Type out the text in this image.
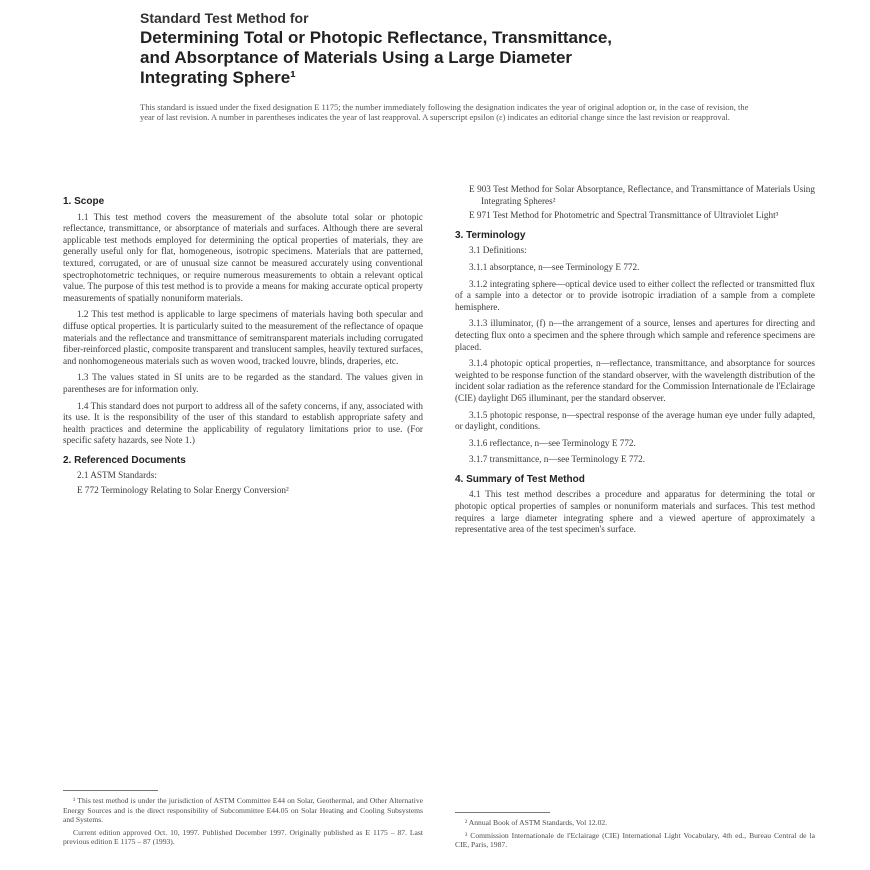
Standard Test Method for
Determining Total or Photopic Reflectance, Transmittance,
and Absorptance of Materials Using a Large Diameter
Integrating Sphere¹
This standard is issued under the fixed designation E 1175; the number immediately following the designation indicates the year of original adoption or, in the case of revision, the year of last revision. A number in parentheses indicates the year of last reapproval. A superscript epsilon (ε) indicates an editorial change since the last revision or reapproval.
1. Scope

1.1 This test method covers the measurement of the absolute total solar or photopic reflectance, transmittance, or absorptance of materials and surfaces. Although there are several applicable test methods employed for determining the optical properties of materials, they are generally useful only for flat, homogeneous, isotropic specimens. Materials that are patterned, textured, corrugated, or are of unusual size cannot be measured accurately using conventional spectrophotometric techniques, or require numerous measurements to obtain a relevant optical value. The purpose of this test method is to provide a means for making accurate optical property measurements of spatially nonuniform materials.

1.2 This test method is applicable to large specimens of materials having both specular and diffuse optical properties. It is particularly suited to the measurement of the reflectance of opaque materials and the reflectance and transmittance of semitransparent materials including corrugated fiber-reinforced plastic, composite transparent and translucent samples, heavily textured surfaces, and nonhomogeneous materials such as woven wood, tracked louvre, blinds, draperies, etc.

1.3 The values stated in SI units are to be regarded as the standard. The values given in parentheses are for information only.

1.4 This standard does not purport to address all of the safety concerns, if any, associated with its use. It is the responsibility of the user of this standard to establish appropriate safety and health practices and determine the applicability of regulatory limitations prior to use. (For specific safety hazards, see Note 1.)

2. Referenced Documents

2.1 ASTM Standards:

E 772 Terminology Relating to Solar Energy Conversion²

¹ This test method is under the jurisdiction of ASTM Committee E44 on Solar, Geothermal, and Other Alternative Energy Sources and is the direct responsibility of Subcommittee E44.05 on Solar Heating and Cooling Subsystems and Systems.

Current edition approved Oct. 10, 1997. Published December 1997. Originally published as E 1175 – 87. Last previous edition E 1175 – 87 (1993).

E 903 Test Method for Solar Absorptance, Reflectance, and Transmittance of Materials Using Integrating Spheres²

E 971 Test Method for Photometric and Spectral Transmittance of Ultraviolet Light³

3. Terminology

3.1 Definitions:

3.1.1 absorptance, n—see Terminology E 772.

3.1.2 integrating sphere—optical device used to either collect the reflected or transmitted flux of a sample into a detector or to provide isotropic irradiation of a sample from a complete hemisphere.

3.1.3 illuminator, (f) n—the arrangement of a source, lenses and apertures for directing and detecting flux onto a specimen and the sphere through which sample and reference specimens are placed.

3.1.4 photopic optical properties, n—reflectance, transmittance, and absorptance for sources weighted to be response function of the standard observer, with the wavelength distribution of the incident solar radiation as the reference standard for the Commission Internationale de l'Eclairage (CIE) daylight D65 illuminant, per the standard observer.

3.1.5 photopic response, n—spectral response of the average human eye under fully adapted, or daylight, conditions.

3.1.6 reflectance, n—see Terminology E 772.

3.1.7 transmittance, n—see Terminology E 772.

4. Summary of Test Method

4.1 This test method describes a procedure and apparatus for determining the total or photopic optical properties of samples or nonuniform materials and surfaces. This test method requires a large diameter integrating sphere and a viewed aperture of approximately a representative area of the test specimen's surface.

² Annual Book of ASTM Standards, Vol 12.02.

³ Commission Internationale de l'Eclairage (CIE) International Light Vocabulary, 4th ed., Bureau Central de la CIE, Paris, 1987.
